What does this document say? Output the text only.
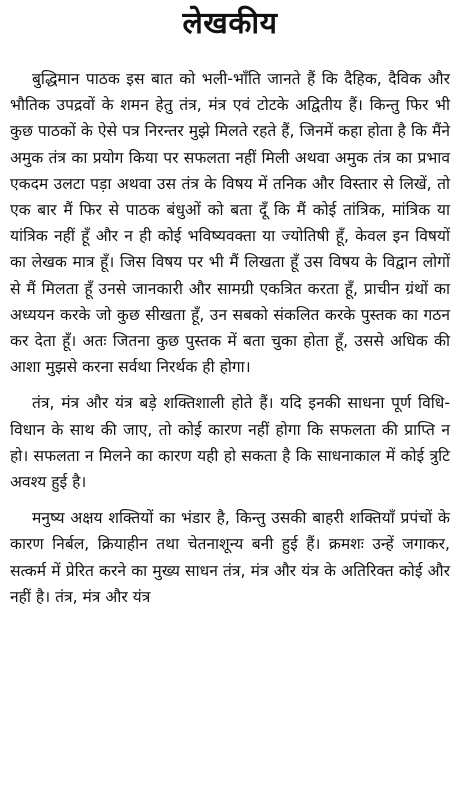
लेखकीय

बुद्धिमान पाठक इस बात को भली-भाँति जानते हैं कि दैहिक, दैविक और भौतिक उपद्रवों के शमन हेतु तंत्र, मंत्र एवं टोटके अद्वितीय हैं। किन्तु फिर भी कुछ पाठकों के ऐसे पत्र निरन्तर मुझे मिलते रहते हैं, जिनमें कहा होता है कि मैंने अमुक तंत्र का प्रयोग किया पर सफलता नहीं मिली अथवा अमुक तंत्र का प्रभाव एकदम उलटा पड़ा अथवा उस तंत्र के विषय में तनिक और विस्तार से लिखें, तो एक बार मैं फिर से पाठक बंधुओं को बता दूँ कि मैं कोई तांत्रिक, मांत्रिक या यांत्रिक नहीं हूँ और न ही कोई भविष्यवक्ता या ज्योतिषी हूँ, केवल इन विषयों का लेखक मात्र हूँ। जिस विषय पर भी मैं लिखता हूँ उस विषय के विद्वान लोगों से मैं मिलता हूँ उनसे जानकारी और सामग्री एकत्रित करता हूँ, प्राचीन ग्रंथों का अध्ययन करके जो कुछ सीखता हूँ, उन सबको संकलित करके पुस्तक का गठन कर देता हूँ। अतः जितना कुछ पुस्तक में बता चुका होता हूँ, उससे अधिक की आशा मुझसे करना सर्वथा निरर्थक ही होगा।

तंत्र, मंत्र और यंत्र बड़े शक्तिशाली होते हैं। यदि इनकी साधना पूर्ण विधि-विधान के साथ की जाए, तो कोई कारण नहीं होगा कि सफलता की प्राप्ति न हो। सफलता न मिलने का कारण यही हो सकता है कि साधनाकाल में कोई त्रुटि अवश्य हुई है।

मनुष्य अक्षय शक्तियों का भंडार है, किन्तु उसकी बाहरी शक्तियाँ प्रपंचों के कारण निर्बल, क्रियाहीन तथा चेतनाशून्य बनी हुई हैं। क्रमशः उन्हें जगाकर, सत्कर्म में प्रेरित करने का मुख्य साधन तंत्र, मंत्र और यंत्र के अतिरिक्त कोई और नहीं है। तंत्र, मंत्र और यंत्र
